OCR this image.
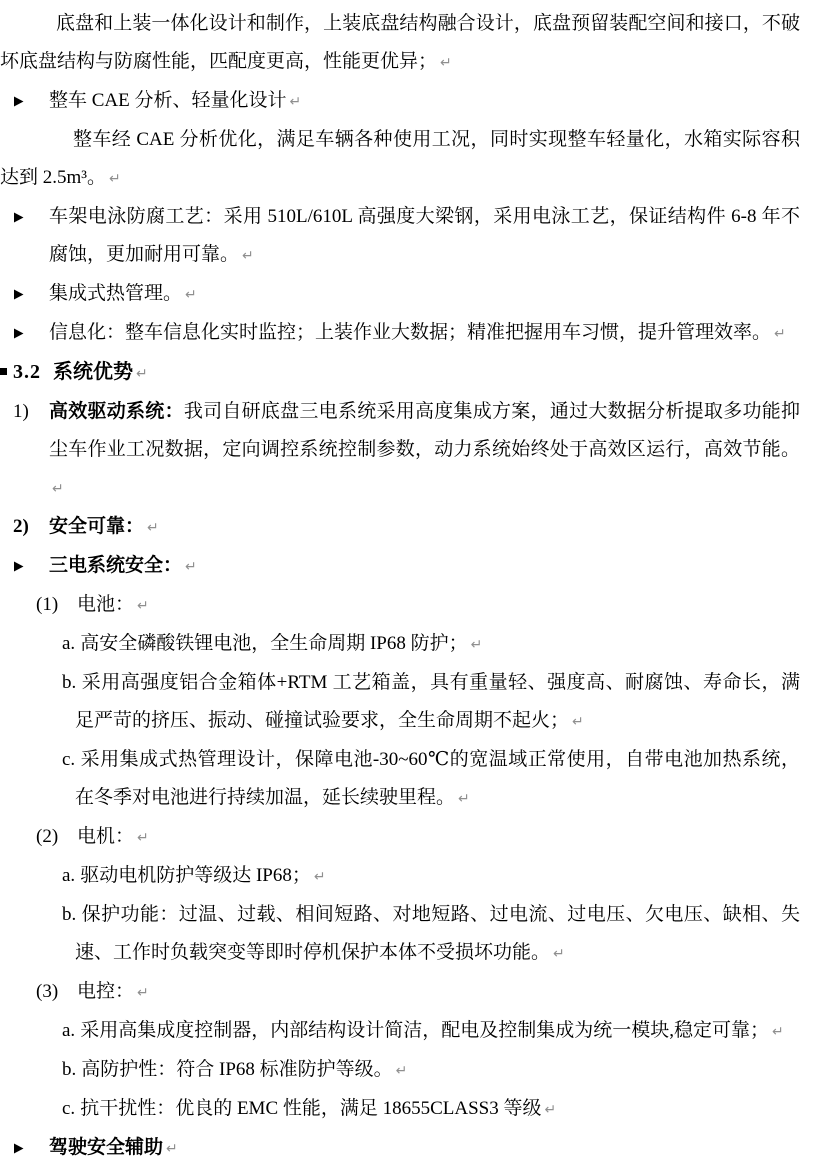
底盘和上装一体化设计和制作，上装底盘结构融合设计，底盘预留装配空间和接口，不破坏底盘结构与防腐性能，匹配度更高，性能更优异； ↵
整车 CAE 分析、轻量化设计 ↵
整车经 CAE 分析优化，满足车辆各种使用工况，同时实现整车轻量化，水箱实际容积达到 2.5m³。 ↵
车架电泳防腐工艺：采用 510L/610L 高强度大梁钢，采用电泳工艺，保证结构件 6-8 年不腐蚀，更加耐用可靠。 ↵
集成式热管理。 ↵
信息化：整车信息化实时监控；上装作业大数据；精准把握用车习惯，提升管理效率。 ↵
3.2 系统优势 ↵
1) 高效驱动系统：我司自研底盘三电系统采用高度集成方案，通过大数据分析提取多功能抑尘车作业工况数据，定向调控系统控制参数，动力系统始终处于高效区运行，高效节能。↵
2) 安全可靠： ↵
三电系统安全： ↵
(1) 电池： ↵
a. 高安全磷酸铁锂电池，全生命周期 IP68 防护； ↵
b. 采用高强度铝合金箱体+RTM 工艺箱盖，具有重量轻、强度高、耐腐蚀、寿命长，满足严苛的挤压、振动、碰撞试验要求，全生命周期不起火； ↵
c. 采用集成式热管理设计，保障电池-30~60℃的宽温域正常使用，自带电池加热系统，在冬季对电池进行持续加温，延长续驶里程。 ↵
(2) 电机： ↵
a. 驱动电机防护等级达 IP68； ↵
b. 保护功能：过温、过载、相间短路、对地短路、过电流、过电压、欠电压、缺相、失速、工作时负载突变等即时停机保护本体不受损坏功能。 ↵
(3) 电控： ↵
a. 采用高集成度控制器，内部结构设计简洁，配电及控制集成为统一模块,稳定可靠； ↵
b. 高防护性：符合 IP68 标准防护等级。 ↵
c. 抗干扰性：优良的 EMC 性能，满足 18655CLASS3 等级 ↵
驾驶安全辅助 ↵
